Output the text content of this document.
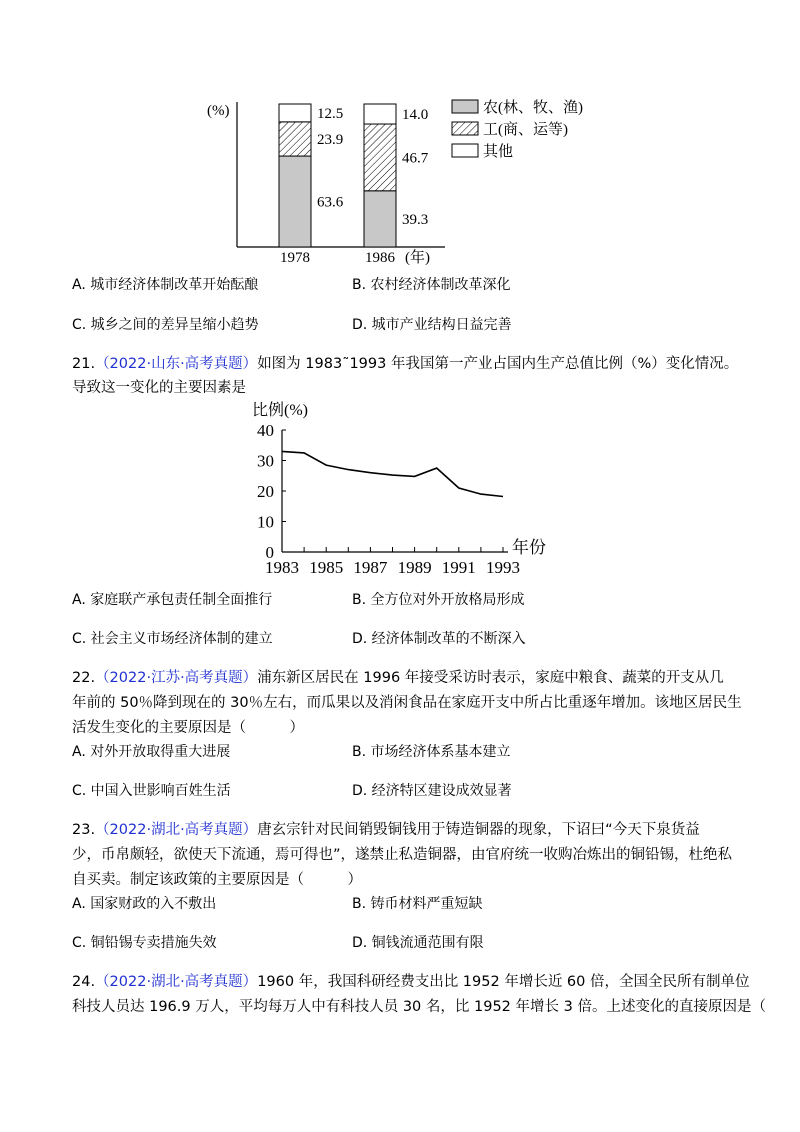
(%)
63.6
23.9
12.5
1978
39.3
46.7
14.0
1986 (年)
农(林、牧、渔)
工(商、运等)
其他
A. 城市经济体制改革开始酝酿	B. 农村经济体制改革深化
C. 城乡之间的差异呈缩小趋势	D. 城市产业结构日益完善
21.（2022·山东·高考真题）如图为 1983˜1993 年我国第一产业占国内生产总值比例（%）变化情况。
导致这一变化的主要因素是
比例(%)
0
10
20
30
40
1983 1985 1987 1989 1991 1993
年份
A. 家庭联产承包责任制全面推行	B. 全方位对外开放格局形成
C. 社会主义市场经济体制的建立	D. 经济体制改革的不断深入
22.（2022·江苏·高考真题）浦东新区居民在 1996 年接受采访时表示，家庭中粮食、蔬菜的开支从几
年前的 50％降到现在的 30％左右，而瓜果以及消闲食品在家庭开支中所占比重逐年增加。该地区居民生
活发生变化的主要原因是（　　　）
A. 对外开放取得重大进展	B. 市场经济体系基本建立
C. 中国入世影响百姓生活	D. 经济特区建设成效显著
23.（2022·湖北·高考真题）唐玄宗针对民间销毁铜钱用于铸造铜器的现象，下诏曰“今天下泉货益
少，币帛颇轻，欲使天下流通，焉可得也”，遂禁止私造铜器，由官府统一收购冶炼出的铜铅锡，杜绝私
自买卖。制定该政策的主要原因是（　　　）
A. 国家财政的入不敷出	B. 铸币材料严重短缺
C. 铜铅锡专卖措施失效	D. 铜钱流通范围有限
24.（2022·湖北·高考真题）1960 年，我国科研经费支出比 1952 年增长近 60 倍，全国全民所有制单位
科技人员达 196.9 万人，平均每万人中有科技人员 30 名，比 1952 年增长 3 倍。上述变化的直接原因是（
